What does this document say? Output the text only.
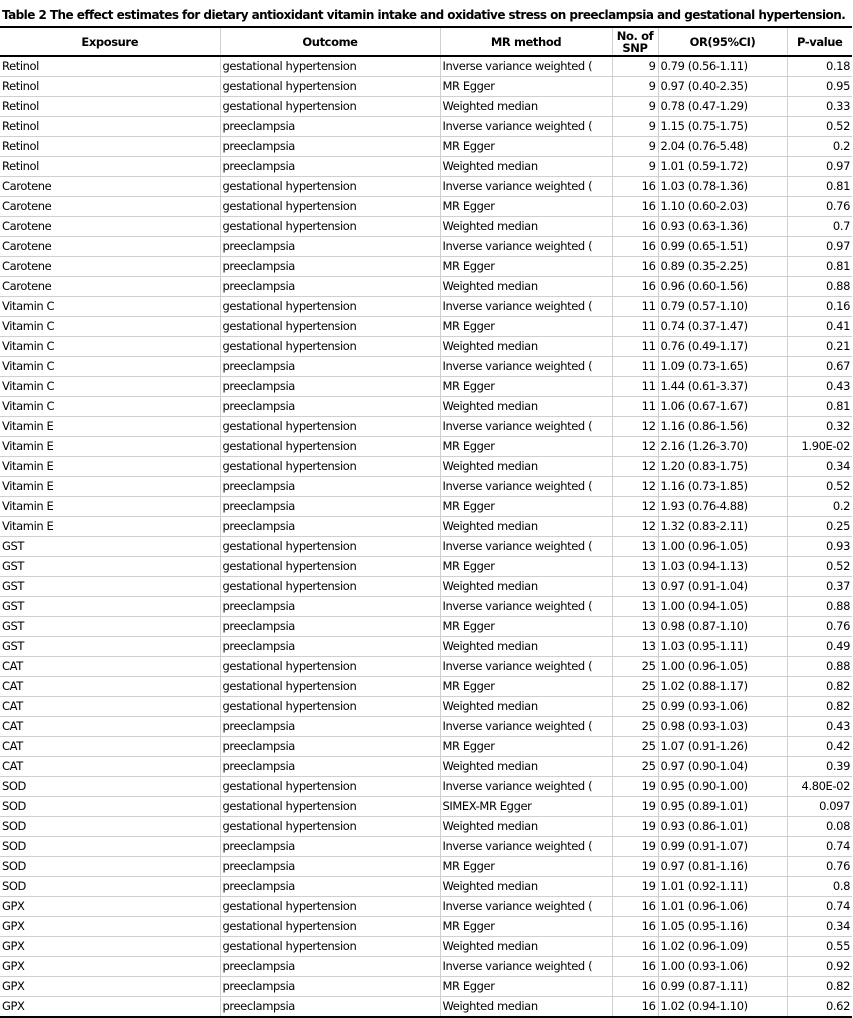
Table 2 The effect estimates for dietary antioxidant vitamin intake and oxidative stress on preeclampsia and gestational hypertension.
Exposure	Outcome	MR method	No. of SNP	OR(95%CI)	P-value
Retinol	gestational hypertension	Inverse variance weighted (	9	0.79 (0.56-1.11)	0.18
Retinol	gestational hypertension	MR Egger	9	0.97 (0.40-2.35)	0.95
Retinol	gestational hypertension	Weighted median	9	0.78 (0.47-1.29)	0.33
Retinol	preeclampsia	Inverse variance weighted (	9	1.15 (0.75-1.75)	0.52
Retinol	preeclampsia	MR Egger	9	2.04 (0.76-5.48)	0.2
Retinol	preeclampsia	Weighted median	9	1.01 (0.59-1.72)	0.97
Carotene	gestational hypertension	Inverse variance weighted (	16	1.03 (0.78-1.36)	0.81
Carotene	gestational hypertension	MR Egger	16	1.10 (0.60-2.03)	0.76
Carotene	gestational hypertension	Weighted median	16	0.93 (0.63-1.36)	0.7
Carotene	preeclampsia	Inverse variance weighted (	16	0.99 (0.65-1.51)	0.97
Carotene	preeclampsia	MR Egger	16	0.89 (0.35-2.25)	0.81
Carotene	preeclampsia	Weighted median	16	0.96 (0.60-1.56)	0.88
Vitamin C	gestational hypertension	Inverse variance weighted (	11	0.79 (0.57-1.10)	0.16
Vitamin C	gestational hypertension	MR Egger	11	0.74 (0.37-1.47)	0.41
Vitamin C	gestational hypertension	Weighted median	11	0.76 (0.49-1.17)	0.21
Vitamin C	preeclampsia	Inverse variance weighted (	11	1.09 (0.73-1.65)	0.67
Vitamin C	preeclampsia	MR Egger	11	1.44 (0.61-3.37)	0.43
Vitamin C	preeclampsia	Weighted median	11	1.06 (0.67-1.67)	0.81
Vitamin E	gestational hypertension	Inverse variance weighted (	12	1.16 (0.86-1.56)	0.32
Vitamin E	gestational hypertension	MR Egger	12	2.16 (1.26-3.70)	1.90E-02
Vitamin E	gestational hypertension	Weighted median	12	1.20 (0.83-1.75)	0.34
Vitamin E	preeclampsia	Inverse variance weighted (	12	1.16 (0.73-1.85)	0.52
Vitamin E	preeclampsia	MR Egger	12	1.93 (0.76-4.88)	0.2
Vitamin E	preeclampsia	Weighted median	12	1.32 (0.83-2.11)	0.25
GST	gestational hypertension	Inverse variance weighted (	13	1.00 (0.96-1.05)	0.93
GST	gestational hypertension	MR Egger	13	1.03 (0.94-1.13)	0.52
GST	gestational hypertension	Weighted median	13	0.97 (0.91-1.04)	0.37
GST	preeclampsia	Inverse variance weighted (	13	1.00 (0.94-1.05)	0.88
GST	preeclampsia	MR Egger	13	0.98 (0.87-1.10)	0.76
GST	preeclampsia	Weighted median	13	1.03 (0.95-1.11)	0.49
CAT	gestational hypertension	Inverse variance weighted (	25	1.00 (0.96-1.05)	0.88
CAT	gestational hypertension	MR Egger	25	1.02 (0.88-1.17)	0.82
CAT	gestational hypertension	Weighted median	25	0.99 (0.93-1.06)	0.82
CAT	preeclampsia	Inverse variance weighted (	25	0.98 (0.93-1.03)	0.43
CAT	preeclampsia	MR Egger	25	1.07 (0.91-1.26)	0.42
CAT	preeclampsia	Weighted median	25	0.97 (0.90-1.04)	0.39
SOD	gestational hypertension	Inverse variance weighted (	19	0.95 (0.90-1.00)	4.80E-02
SOD	gestational hypertension	SIMEX-MR Egger	19	0.95 (0.89-1.01)	0.097
SOD	gestational hypertension	Weighted median	19	0.93 (0.86-1.01)	0.08
SOD	preeclampsia	Inverse variance weighted (	19	0.99 (0.91-1.07)	0.74
SOD	preeclampsia	MR Egger	19	0.97 (0.81-1.16)	0.76
SOD	preeclampsia	Weighted median	19	1.01 (0.92-1.11)	0.8
GPX	gestational hypertension	Inverse variance weighted (	16	1.01 (0.96-1.06)	0.74
GPX	gestational hypertension	MR Egger	16	1.05 (0.95-1.16)	0.34
GPX	gestational hypertension	Weighted median	16	1.02 (0.96-1.09)	0.55
GPX	preeclampsia	Inverse variance weighted (	16	1.00 (0.93-1.06)	0.92
GPX	preeclampsia	MR Egger	16	0.99 (0.87-1.11)	0.82
GPX	preeclampsia	Weighted median	16	1.02 (0.94-1.10)	0.62
